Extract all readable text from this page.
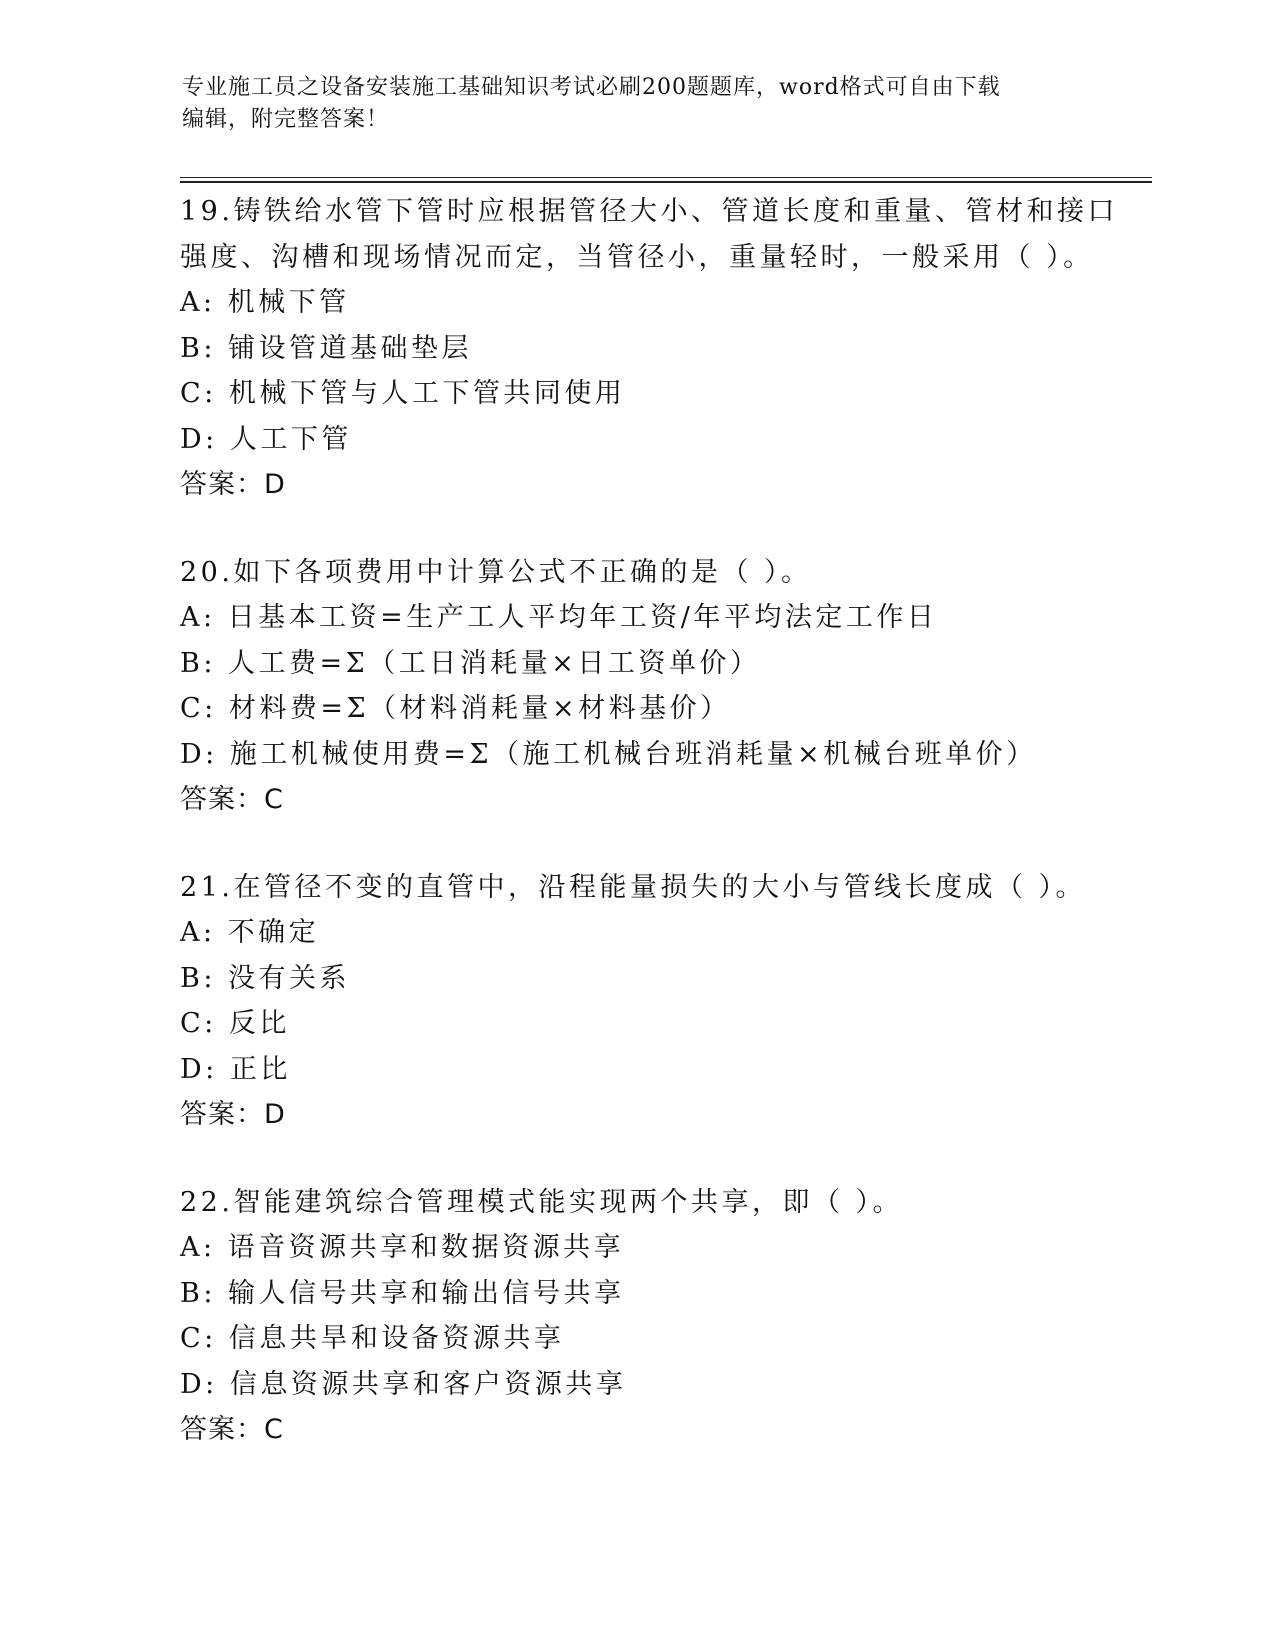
专业施工员之设备安装施工基础知识考试必刷200题题库，word格式可自由下载
编辑，附完整答案！
19.铸铁给水管下管时应根据管径大小、管道长度和重量、管材和接口
强度、沟槽和现场情况而定，当管径小，重量轻时，一般采用（ ）。
A: 机械下管
B: 铺设管道基础垫层
C: 机械下管与人工下管共同使用
D: 人工下管
答案：D
20.如下各项费用中计算公式不正确的是（ ）。
A: 日基本工资=生产工人平均年工资/年平均法定工作日
B: 人工费=Σ（工日消耗量×日工资单价）
C: 材料费=Σ（材料消耗量×材料基价）
D: 施工机械使用费=Σ（施工机械台班消耗量×机械台班单价）
答案：C
21.在管径不变的直管中，沿程能量损失的大小与管线长度成（ ）。
A: 不确定
B: 没有关系
C: 反比
D: 正比
答案：D
22.智能建筑综合管理模式能实现两个共享，即（ ）。
A: 语音资源共享和数据资源共享
B: 输人信号共享和输出信号共享
C: 信息共旱和设备资源共享
D: 信息资源共享和客户资源共享
答案：C
